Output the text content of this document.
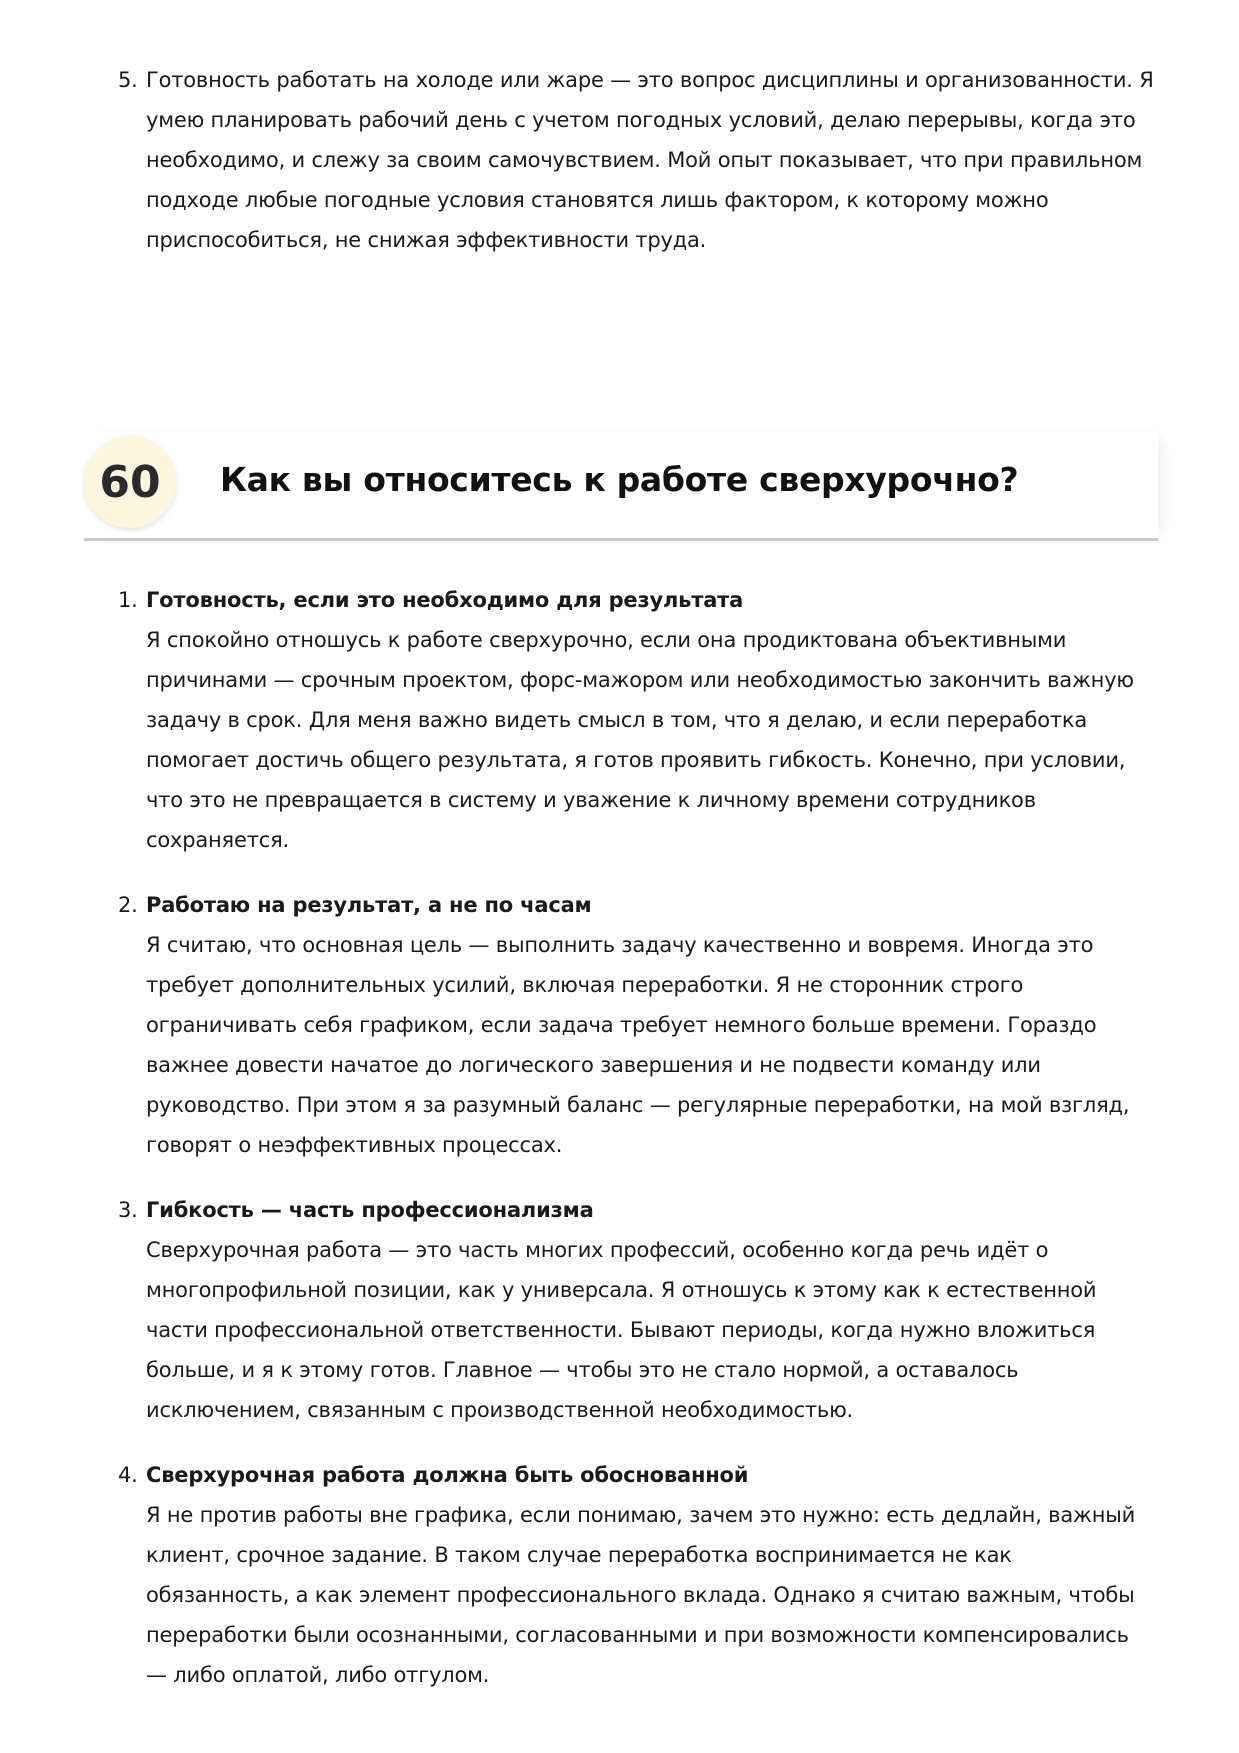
5. Готовность работать на холоде или жаре — это вопрос дисциплины и организованности. Я умею планировать рабочий день с учетом погодных условий, делаю перерывы, когда это необходимо, и слежу за своим самочувствием. Мой опыт показывает, что при правильном подходе любые погодные условия становятся лишь фактором, к которому можно приспособиться, не снижая эффективности труда.
60	Как вы относитесь к работе сверхурочно?
1. Готовность, если это необходимо для результата
Я спокойно отношусь к работе сверхурочно, если она продиктована объективными причинами — срочным проектом, форс-мажором или необходимостью закончить важную задачу в срок. Для меня важно видеть смысл в том, что я делаю, и если переработка помогает достичь общего результата, я готов проявить гибкость. Конечно, при условии, что это не превращается в систему и уважение к личному времени сотрудников сохраняется.
2. Работаю на результат, а не по часам
Я считаю, что основная цель — выполнить задачу качественно и вовремя. Иногда это требует дополнительных усилий, включая переработки. Я не сторонник строго ограничивать себя графиком, если задача требует немного больше времени. Гораздо важнее довести начатое до логического завершения и не подвести команду или руководство. При этом я за разумный баланс — регулярные переработки, на мой взгляд, говорят о неэффективных процессах.
3. Гибкость — часть профессионализма
Сверхурочная работа — это часть многих профессий, особенно когда речь идёт о многопрофильной позиции, как у универсала. Я отношусь к этому как к естественной части профессиональной ответственности. Бывают периоды, когда нужно вложиться больше, и я к этому готов. Главное — чтобы это не стало нормой, а оставалось исключением, связанным с производственной необходимостью.
4. Сверхурочная работа должна быть обоснованной
Я не против работы вне графика, если понимаю, зачем это нужно: есть дедлайн, важный клиент, срочное задание. В таком случае переработка воспринимается не как обязанность, а как элемент профессионального вклада. Однако я считаю важным, чтобы переработки были осознанными, согласованными и при возможности компенсировались — либо оплатой, либо отгулом.
